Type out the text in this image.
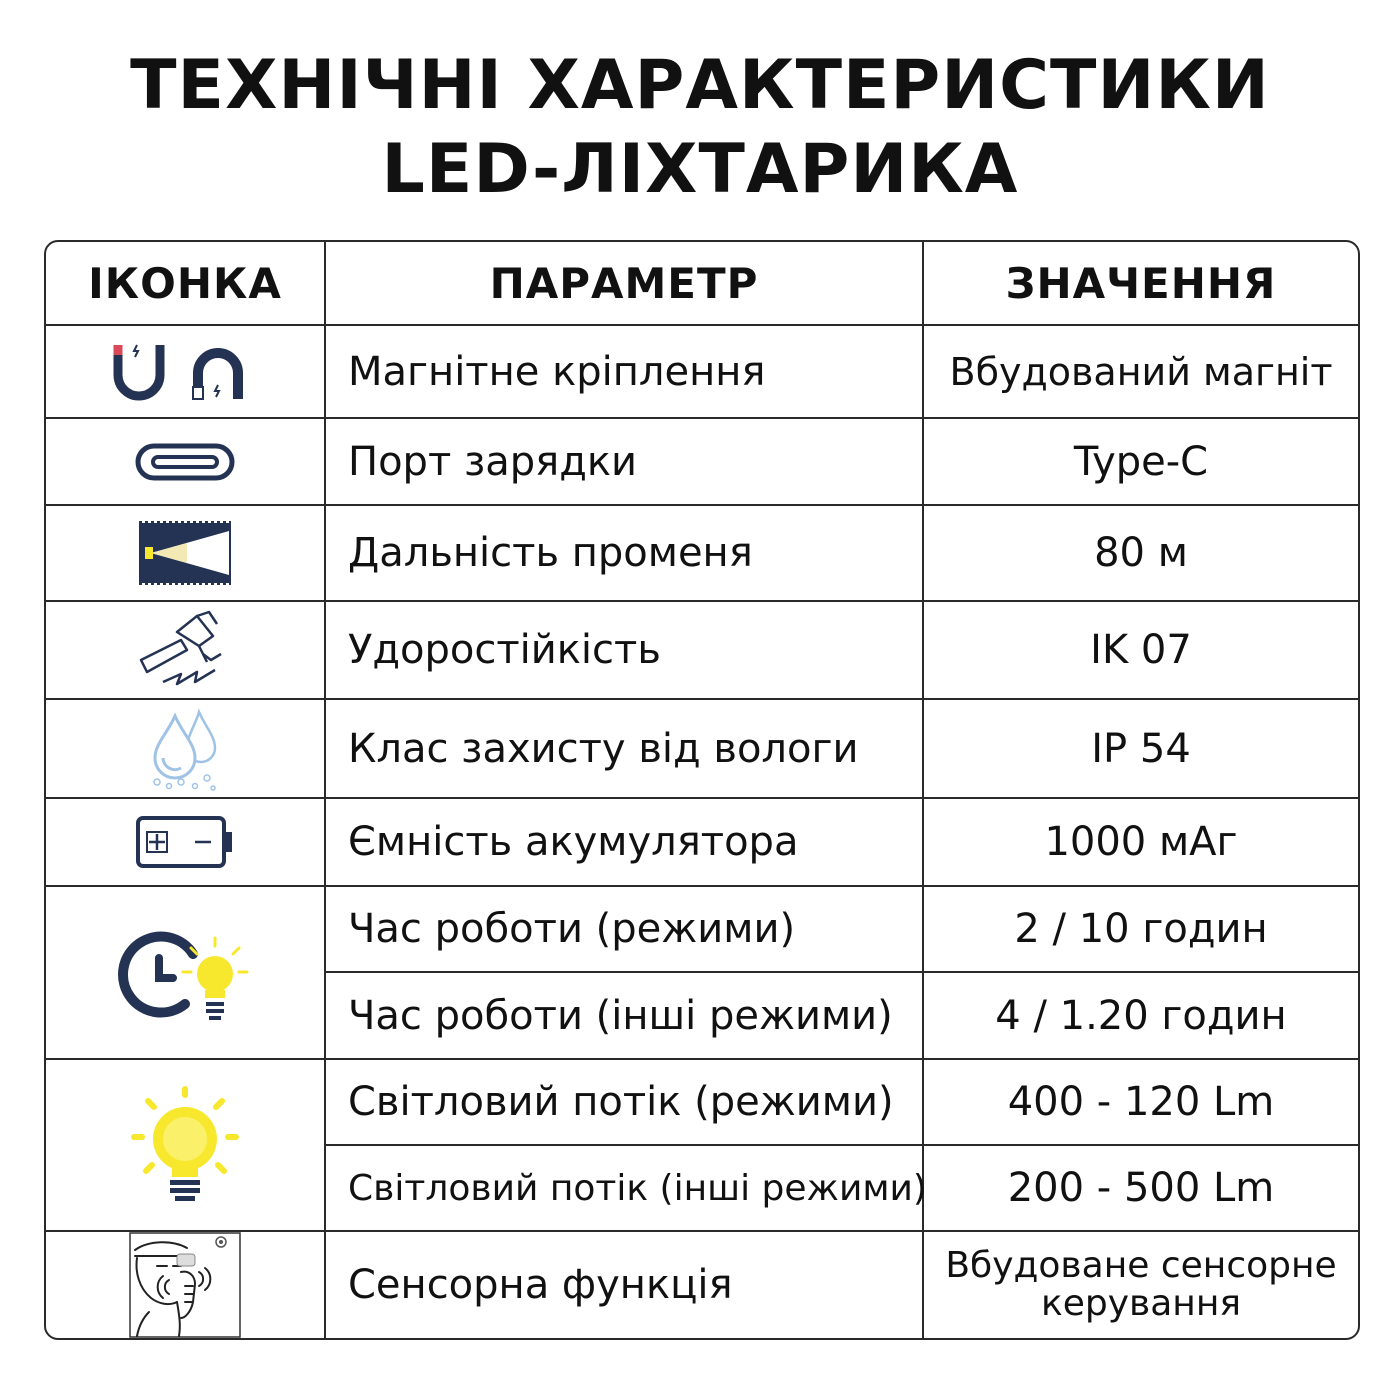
ТЕХНІЧНІ ХАРАКТЕРИСТИКИ
LED-ЛІХТАРИКА
ІКОНКА	ПАРАМЕТР	ЗНАЧЕННЯ
	Магнітне кріплення	Вбудований магніт
	Порт зарядки	Type-C
	Дальність променя	80 м
	Удоростійкість	IK 07
	Клас захисту від вологи	IP 54
	Ємність акумулятора	1000 мАг
	Час роботи (режими)	2 / 10 годин
	Час роботи (інші режими)	4 / 1.20 годин
	Світловий потік (режими)	400 - 120 Lm
	Світловий потік (інші режими)	200 - 500 Lm
	Сенсорна функція	Вбудоване сенсорне керування
